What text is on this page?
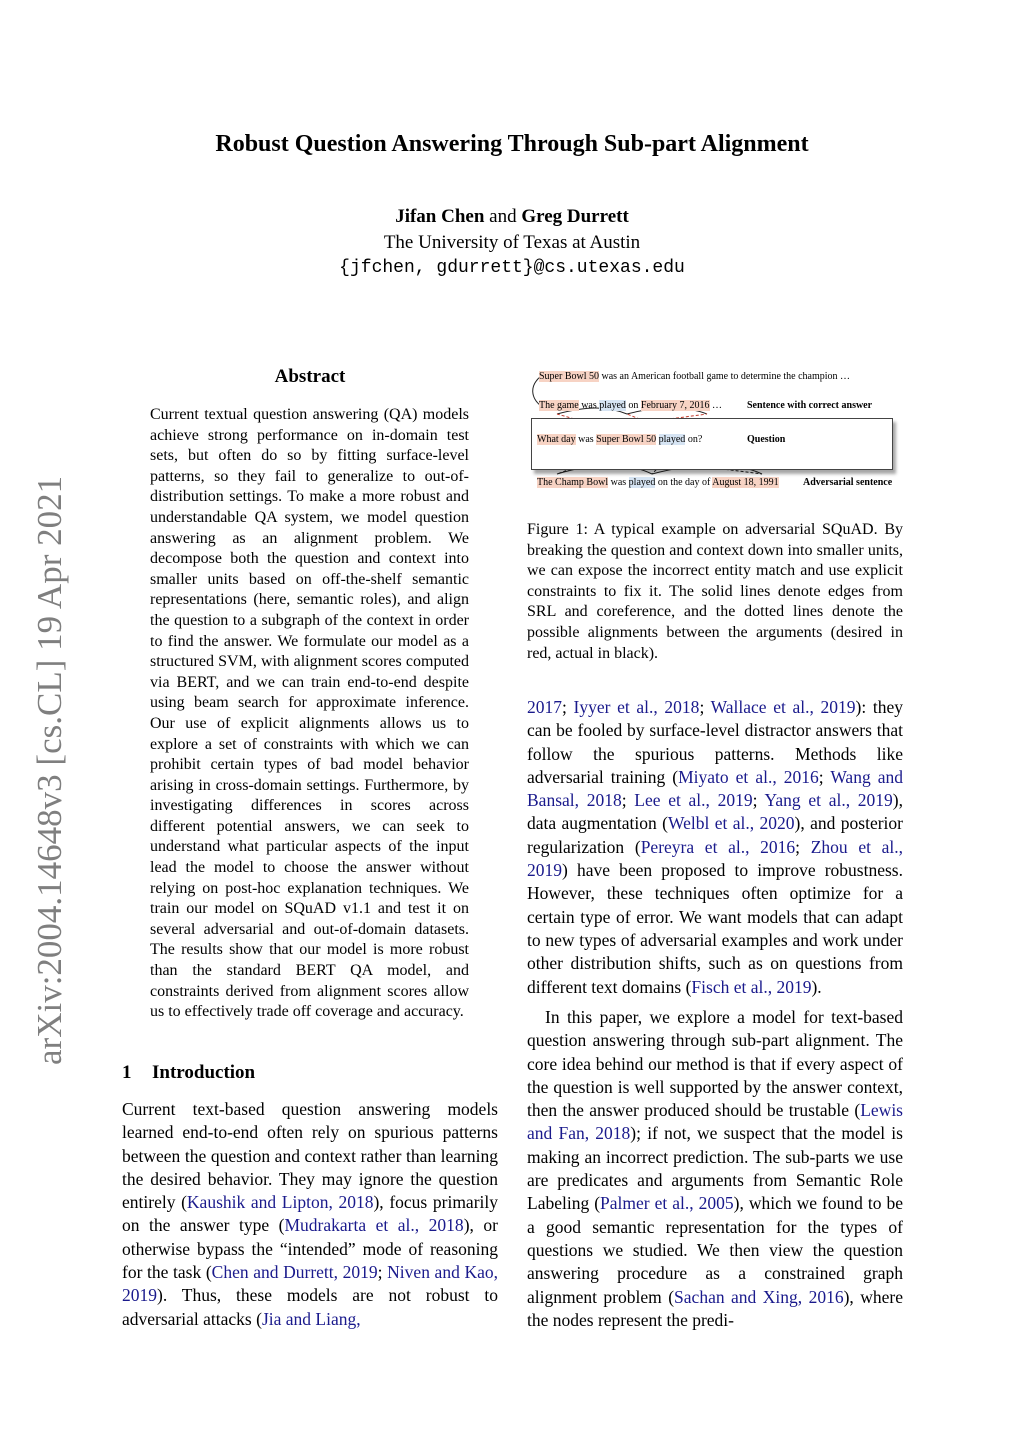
arXiv:2004.14648v3 [cs.CL] 19 Apr 2021
Robust Question Answering Through Sub-part Alignment
Jifan Chen and Greg Durrett
The University of Texas at Austin
{jfchen, gdurrett}@cs.utexas.edu
Abstract
Current textual question answering (QA) models achieve strong performance on in-domain test sets, but often do so by fitting surface-level patterns, so they fail to generalize to out-of-distribution settings. To make a more robust and understandable QA system, we model question answering as an alignment problem. We decompose both the question and context into smaller units based on off-the-shelf semantic representations (here, semantic roles), and align the question to a subgraph of the context in order to find the answer. We formulate our model as a structured SVM, with alignment scores computed via BERT, and we can train end-to-end despite using beam search for approximate inference. Our use of explicit alignments allows us to explore a set of constraints with which we can prohibit certain types of bad model behavior arising in cross-domain settings. Furthermore, by investigating differences in scores across different potential answers, we can seek to understand what particular aspects of the input lead the model to choose the answer without relying on post-hoc explanation techniques. We train our model on SQuAD v1.1 and test it on several adversarial and out-of-domain datasets. The results show that our model is more robust than the standard BERT QA model, and constraints derived from alignment scores allow us to effectively trade off coverage and accuracy.
1 Introduction
Current text-based question answering models learned end-to-end often rely on spurious patterns between the question and context rather than learning the desired behavior. They may ignore the question entirely (Kaushik and Lipton, 2018), focus primarily on the answer type (Mudrakarta et al., 2018), or otherwise bypass the “intended” mode of reasoning for the task (Chen and Durrett, 2019; Niven and Kao, 2019). Thus, these models are not robust to adversarial attacks (Jia and Liang,
2017; Iyyer et al., 2018; Wallace et al., 2019): they can be fooled by surface-level distractor answers that follow the spurious patterns. Methods like adversarial training (Miyato et al., 2016; Wang and Bansal, 2018; Lee et al., 2019; Yang et al., 2019), data augmentation (Welbl et al., 2020), and posterior regularization (Pereyra et al., 2016; Zhou et al., 2019) have been proposed to improve robustness. However, these techniques often optimize for a certain type of error. We want models that can adapt to new types of adversarial examples and work under other distribution shifts, such as on questions from different text domains (Fisch et al., 2019).
In this paper, we explore a model for text-based question answering through sub-part alignment. The core idea behind our method is that if every aspect of the question is well supported by the answer context, then the answer produced should be trustable (Lewis and Fan, 2018); if not, we suspect that the model is making an incorrect prediction. The sub-parts we use are predicates and arguments from Semantic Role Labeling (Palmer et al., 2005), which we found to be a good semantic representation for the types of questions we studied. We then view the question answering procedure as a constrained graph alignment problem (Sachan and Xing, 2016), where the nodes represent the predi-
Super Bowl 50 was an American football game to determine the champion …
The game was played on February 7, 2016 … Sentence with correct answer
What day was Super Bowl 50 played on?	Question
The Champ Bowl was played on the day of August 18, 1991 Adversarial sentence
Figure 1: A typical example on adversarial SQuAD. By breaking the question and context down into smaller units, we can expose the incorrect entity match and use explicit constraints to fix it. The solid lines denote edges from SRL and coreference, and the dotted lines denote the possible alignments between the arguments (desired in red, actual in black).
